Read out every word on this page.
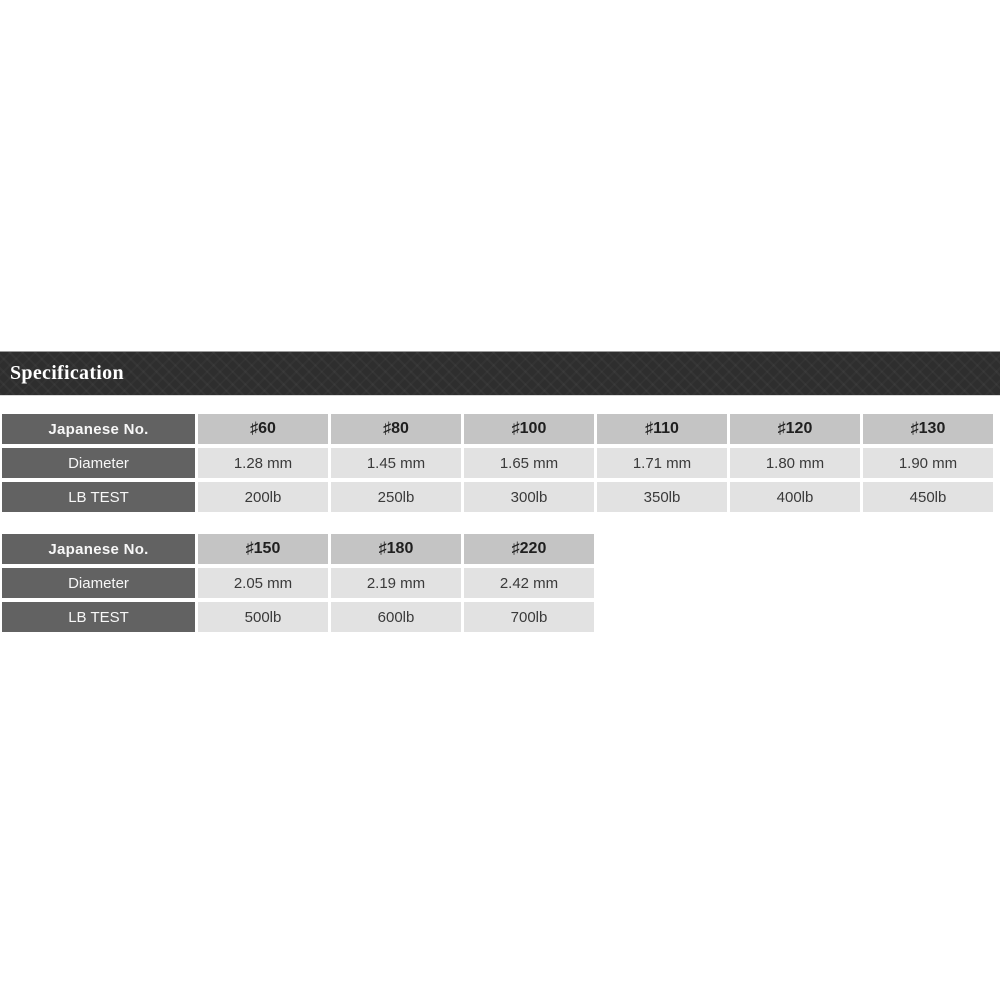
Specification
Japanese No.	♯60	♯80	♯100	♯110	♯120	♯130
Diameter	1.28 mm	1.45 mm	1.65 mm	1.71 mm	1.80 mm	1.90 mm
LB TEST	200lb	250lb	300lb	350lb	400lb	450lb
Japanese No.	♯150	♯180	♯220
Diameter	2.05 mm	2.19 mm	2.42 mm
LB TEST	500lb	600lb	700lb
